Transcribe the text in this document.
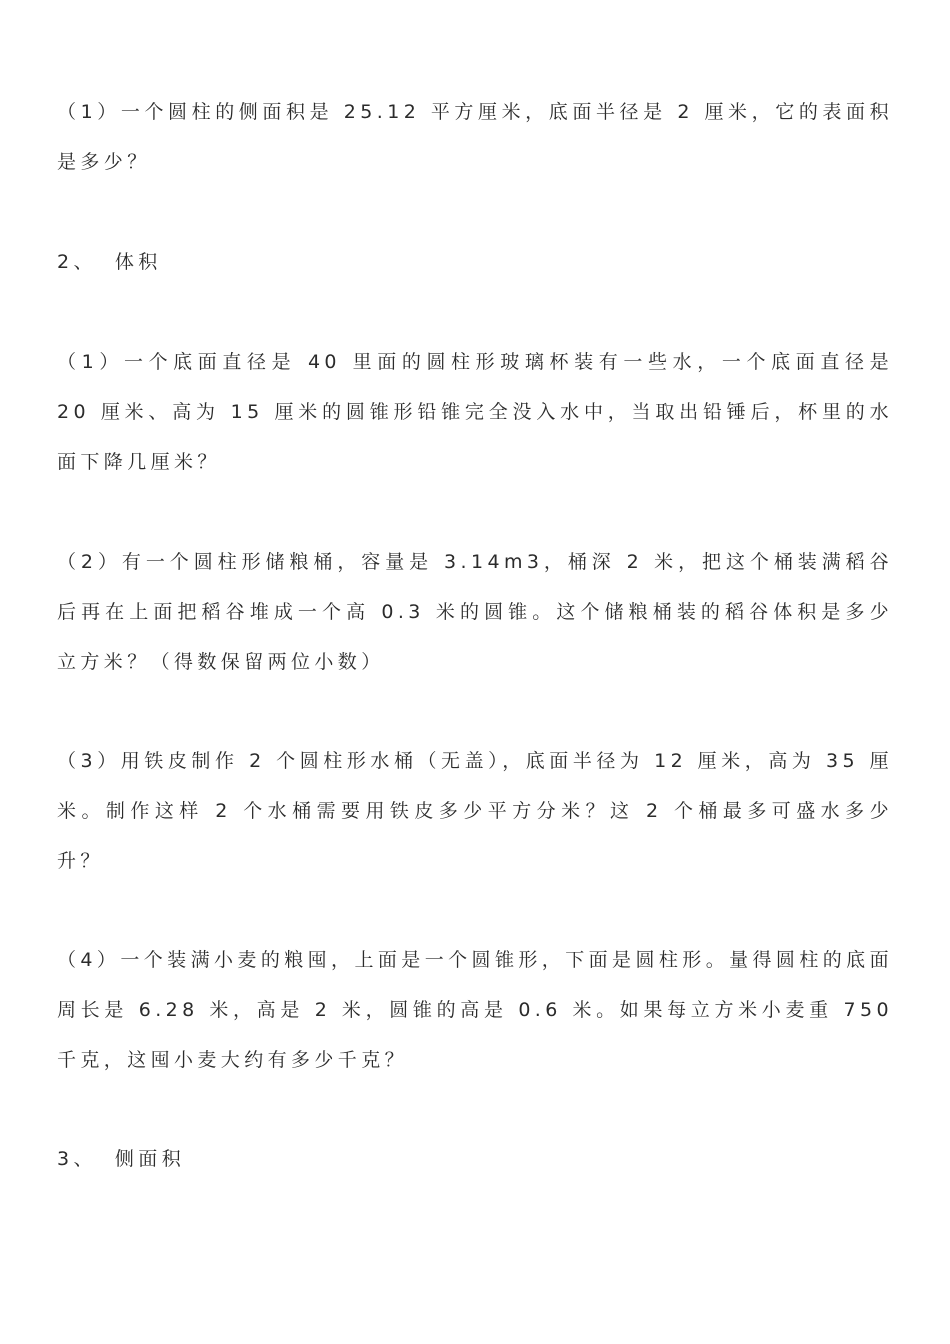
（1）一个圆柱的侧面积是 25.12 平方厘米，底面半径是 2 厘米，它的表面积是多少？

2、 体积

（1）一个底面直径是 40 里面的圆柱形玻璃杯装有一些水，一个底面直径是 20 厘米、高为 15 厘米的圆锥形铅锥完全没入水中，当取出铅锤后，杯里的水面下降几厘米？

（2）有一个圆柱形储粮桶，容量是 3.14m3，桶深 2 米，把这个桶装满稻谷后再在上面把稻谷堆成一个高 0.3 米的圆锥。这个储粮桶装的稻谷体积是多少立方米？（得数保留两位小数）

（3）用铁皮制作 2 个圆柱形水桶（无盖），底面半径为 12 厘米，高为 35 厘米。制作这样 2 个水桶需要用铁皮多少平方分米？这 2 个桶最多可盛水多少升？

（4）一个装满小麦的粮囤，上面是一个圆锥形，下面是圆柱形。量得圆柱的底面周长是 6.28 米，高是 2 米，圆锥的高是 0.6 米。如果每立方米小麦重 750 千克，这囤小麦大约有多少千克？

3、 侧面积
